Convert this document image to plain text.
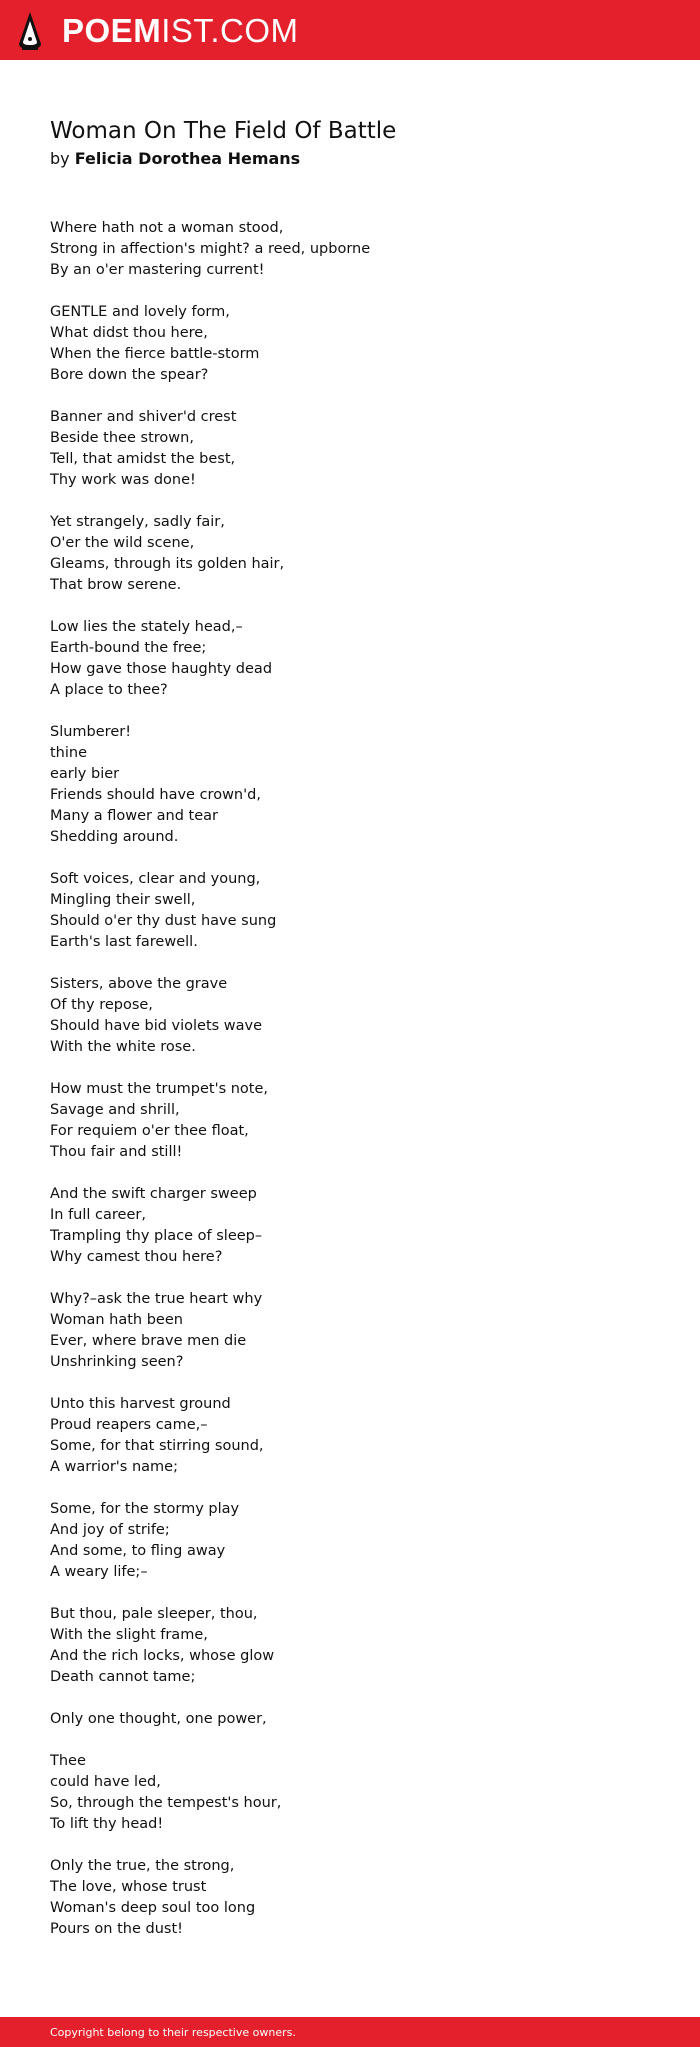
POEMIST.COM
Woman On The Field Of Battle
by Felicia Dorothea Hemans
Where hath not a woman stood,
Strong in affection's might? a reed, upborne
By an o'er mastering current!
GENTLE and lovely form,
What didst thou here,
When the fierce battle-storm
Bore down the spear?
Banner and shiver'd crest
Beside thee strown,
Tell, that amidst the best,
Thy work was done!
Yet strangely, sadly fair,
O'er the wild scene,
Gleams, through its golden hair,
That brow serene.
Low lies the stately head,–
Earth-bound the free;
How gave those haughty dead
A place to thee?
Slumberer!
thine
early bier
Friends should have crown'd,
Many a flower and tear
Shedding around.
Soft voices, clear and young,
Mingling their swell,
Should o'er thy dust have sung
Earth's last farewell.
Sisters, above the grave
Of thy repose,
Should have bid violets wave
With the white rose.
How must the trumpet's note,
Savage and shrill,
For requiem o'er thee float,
Thou fair and still!
And the swift charger sweep
In full career,
Trampling thy place of sleep–
Why camest thou here?
Why?–ask the true heart why
Woman hath been
Ever, where brave men die
Unshrinking seen?
Unto this harvest ground
Proud reapers came,–
Some, for that stirring sound,
A warrior's name;
Some, for the stormy play
And joy of strife;
And some, to fling away
A weary life;–
But thou, pale sleeper, thou,
With the slight frame,
And the rich locks, whose glow
Death cannot tame;
Only one thought, one power,
Thee
could have led,
So, through the tempest's hour,
To lift thy head!
Only the true, the strong,
The love, whose trust
Woman's deep soul too long
Pours on the dust!
Copyright belong to their respective owners.
